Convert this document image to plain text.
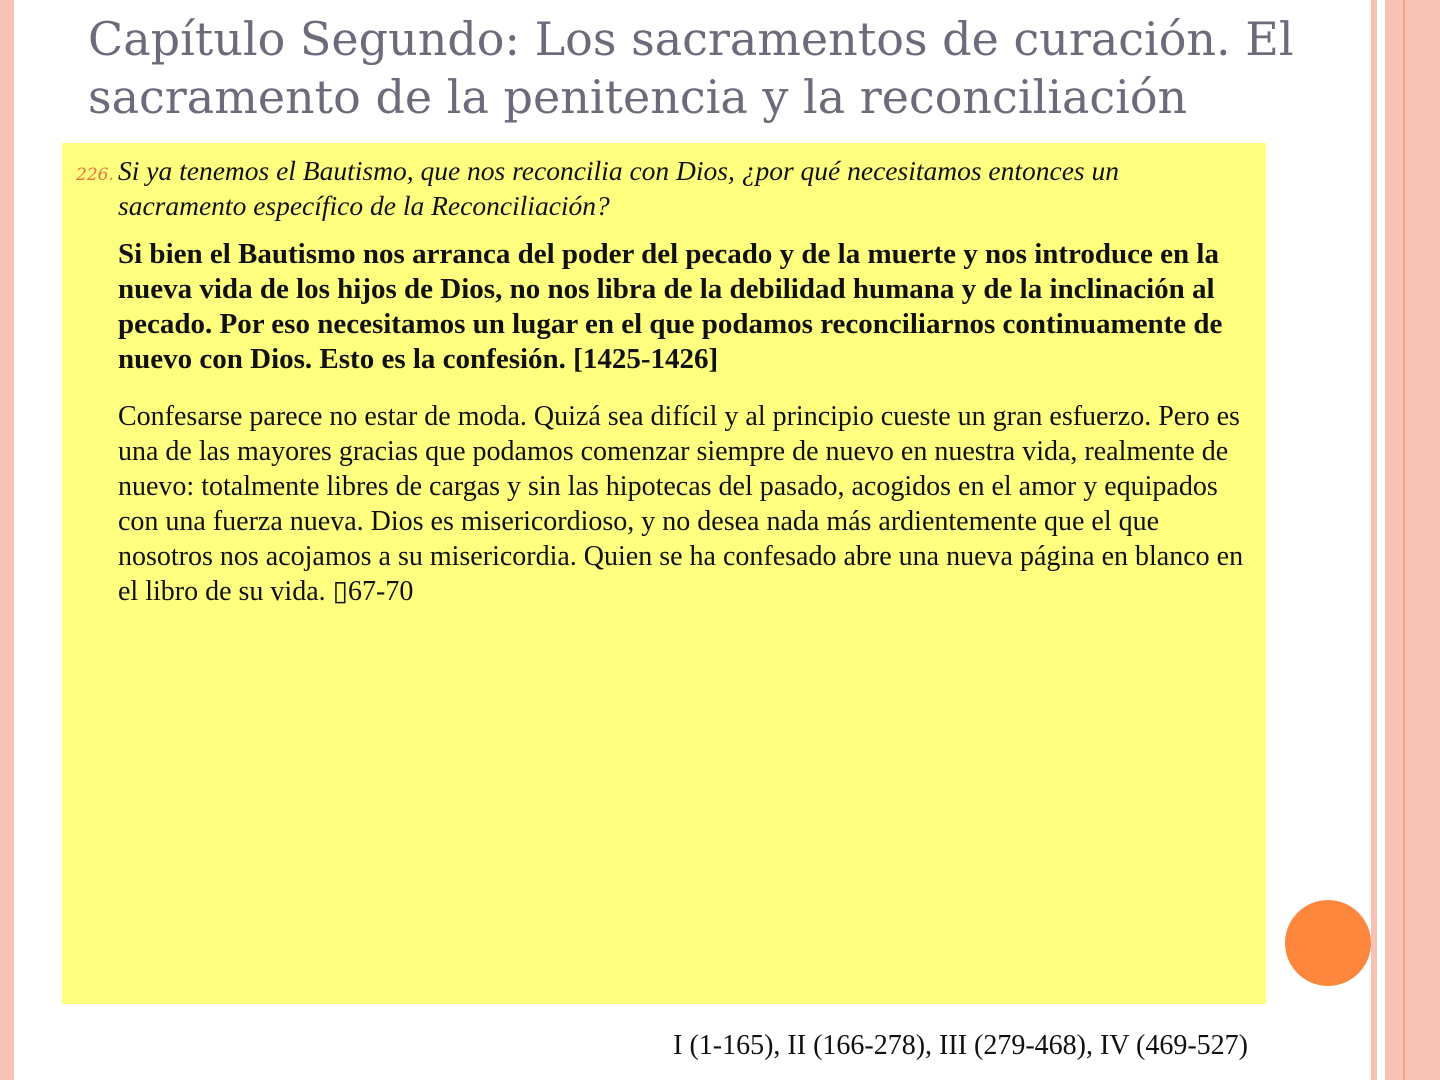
Capítulo Segundo: Los sacramentos de curación. El sacramento de la penitencia y la reconciliación
226. Si ya tenemos el Bautismo, que nos reconcilia con Dios, ¿por qué necesitamos entonces un sacramento específico de la Reconciliación?

Si bien el Bautismo nos arranca del poder del pecado y de la muerte y nos introduce en la nueva vida de los hijos de Dios, no nos libra de la debilidad humana y de la inclinación al pecado. Por eso necesitamos un lugar en el que podamos reconciliarnos continuamente de nuevo con Dios. Esto es la confesión. [1425-1426]

Confesarse parece no estar de moda. Quizá sea difícil y al principio cueste un gran esfuerzo. Pero es una de las mayores gracias que podamos comenzar siempre de nuevo en nuestra vida, realmente de nuevo: totalmente libres de cargas y sin las hipotecas del pasado, acogidos en el amor y equipados con una fuerza nueva. Dios es misericordioso, y no desea nada más ardientemente que el que nosotros nos acojamos a su misericordia. Quien se ha confesado abre una nueva página en blanco en el libro de su vida. ▯67-70

I (1-165), II (166-278), III (279-468), IV (469-527)
